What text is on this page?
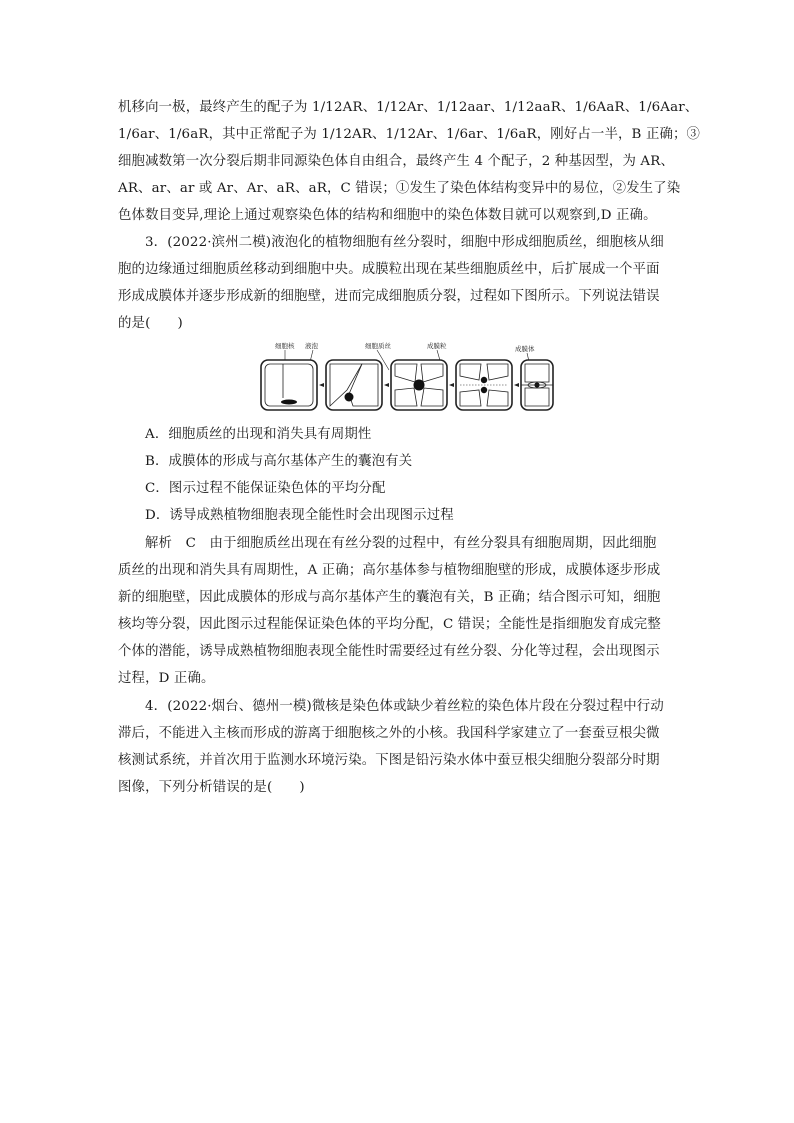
机移向一极，最终产生的配子为 1/12AR、1/12Ar、1/12aar、1/12aaR、1/6AaR、1/6Aar、
1/6ar、1/6aR，其中正常配子为 1/12AR、1/12Ar、1/6ar、1/6aR，刚好占一半，B 正确；③
细胞减数第一次分裂后期非同源染色体自由组合，最终产生 4 个配子，2 种基因型，为 AR、
AR、ar、ar 或 Ar、Ar、aR、aR，C 错误；①发生了染色体结构变异中的易位，②发生了染
色体数目变异,理论上通过观察染色体的结构和细胞中的染色体数目就可以观察到,D 正确。
3．(2022·滨州二模)液泡化的植物细胞有丝分裂时，细胞中形成细胞质丝，细胞核从细
胞的边缘通过细胞质丝移动到细胞中央。成膜粒出现在某些细胞质丝中，后扩展成一个平面
形成成膜体并逐步形成新的细胞壁，进而完成细胞质分裂，过程如下图所示。下列说法错误
的是(　　)
细胞核 液泡	细胞质丝	成膜粒	成膜体
A．细胞质丝的出现和消失具有周期性
B．成膜体的形成与高尔基体产生的囊泡有关
C．图示过程不能保证染色体的平均分配
D．诱导成熟植物细胞表现全能性时会出现图示过程
解析　C　由于细胞质丝出现在有丝分裂的过程中，有丝分裂具有细胞周期，因此细胞
质丝的出现和消失具有周期性，A 正确；高尔基体参与植物细胞壁的形成，成膜体逐步形成
新的细胞壁，因此成膜体的形成与高尔基体产生的囊泡有关，B 正确；结合图示可知，细胞
核均等分裂，因此图示过程能保证染色体的平均分配，C 错误；全能性是指细胞发育成完整
个体的潜能，诱导成熟植物细胞表现全能性时需要经过有丝分裂、分化等过程，会出现图示
过程，D 正确。
4．(2022·烟台、德州一模)微核是染色体或缺少着丝粒的染色体片段在分裂过程中行动
滞后，不能进入主核而形成的游离于细胞核之外的小核。我国科学家建立了一套蚕豆根尖微
核测试系统，并首次用于监测水环境污染。下图是铅污染水体中蚕豆根尖细胞分裂部分时期
图像，下列分析错误的是(　　)
